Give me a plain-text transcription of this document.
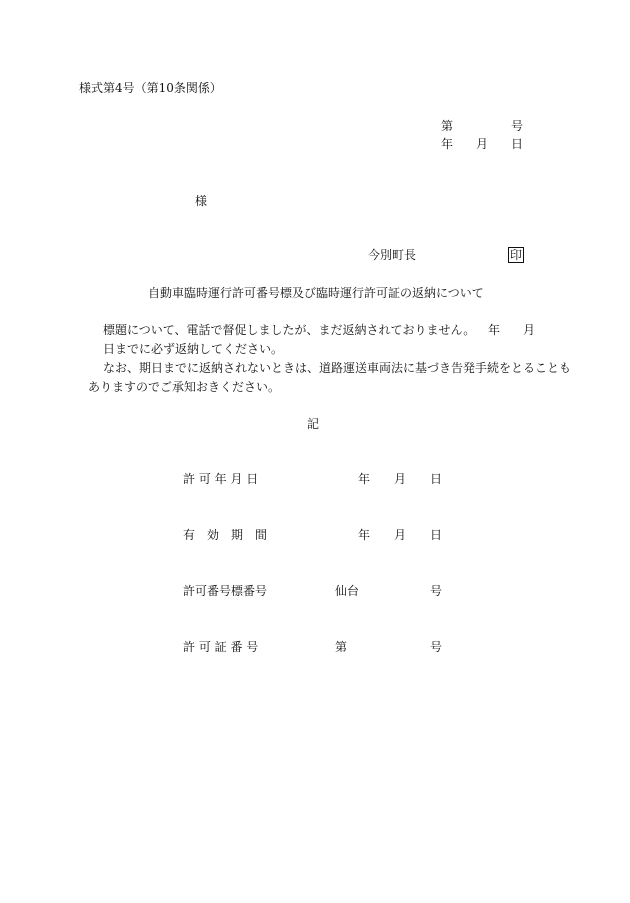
様式第4号（第10条関係）
第	号
年 月 日
様
今別町長	印
自動車臨時運行許可番号標及び臨時運行許可証の返納について
標題について、電話で督促しましたが、まだ返納されておりません。 年 月
日までに必ず返納してください。
なお、期日までに返納されないときは、道路運送車両法に基づき告発手続をとることも
ありますのでご承知おきください。
記
許 可 年 月 日	年 月 日
有　効　期　間	年 月 日
許可番号標番号	仙台	号
許 可 証 番 号	第	号
